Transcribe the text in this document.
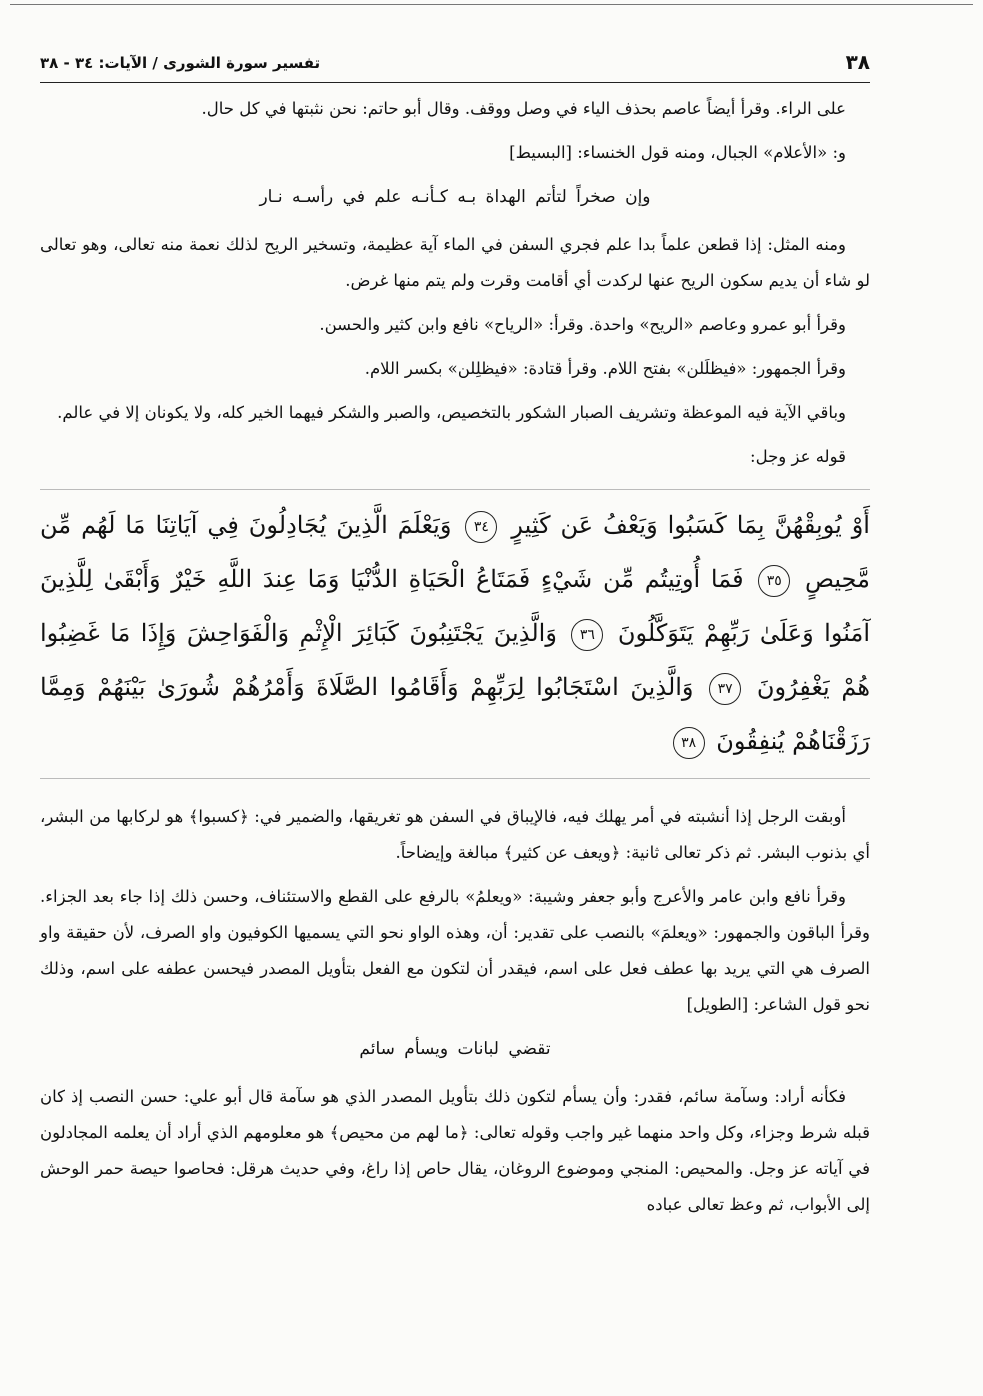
٣٨
تفسير سورة الشورى / الآيات: ٣٤ - ٣٨

على الراء. وقرأ أيضاً عاصم بحذف الياء في وصل ووقف. وقال أبو حاتم: نحن نثبتها في كل حال.

و: «الأعلام» الجبال، ومنه قول الخنساء: [البسيط]

وإن صخراً لتأتم الهداة بـه كـأنـه علم في رأسـه نـار

ومنه المثل: إذا قطعن علماً بدا علم فجري السفن في الماء آية عظيمة، وتسخير الريح لذلك نعمة منه تعالى، وهو تعالى لو شاء أن يديم سكون الريح عنها لركدت أي أقامت وقرت ولم يتم منها غرض.

وقرأ أبو عمرو وعاصم «الريح» واحدة. وقرأ: «الرياح» نافع وابن كثير والحسن.

وقرأ الجمهور: «فيظلَلن» بفتح اللام. وقرأ قتادة: «فيظلِلن» بكسر اللام.

وباقي الآية فيه الموعظة وتشريف الصبار الشكور بالتخصيص، والصبر والشكر فيهما الخير كله، ولا يكونان إلا في عالم.

قوله عز وجل:

أَوْ يُوبِقْهُنَّ بِمَا كَسَبُوا وَيَعْفُ عَن كَثِيرٍ ٣٤ وَيَعْلَمَ الَّذِينَ يُجَادِلُونَ فِي آيَاتِنَا مَا لَهُم مِّن مَّحِيصٍ ٣٥ فَمَا أُوتِيتُم مِّن شَيْءٍ فَمَتَاعُ الْحَيَاةِ الدُّنْيَا وَمَا عِندَ اللَّهِ خَيْرٌ وَأَبْقَىٰ لِلَّذِينَ آمَنُوا وَعَلَىٰ رَبِّهِمْ يَتَوَكَّلُونَ ٣٦ وَالَّذِينَ يَجْتَنِبُونَ كَبَائِرَ الْإِثْمِ وَالْفَوَاحِشَ وَإِذَا مَا غَضِبُوا هُمْ يَغْفِرُونَ ٣٧ وَالَّذِينَ اسْتَجَابُوا لِرَبِّهِمْ وَأَقَامُوا الصَّلَاةَ وَأَمْرُهُمْ شُورَىٰ بَيْنَهُمْ وَمِمَّا رَزَقْنَاهُمْ يُنفِقُونَ ٣٨

أوبقت الرجل إذا أنشبته في أمر يهلك فيه، فالإيباق في السفن هو تغريقها، والضمير في: ﴿كسبوا﴾ هو لركابها من البشر، أي بذنوب البشر. ثم ذكر تعالى ثانية: ﴿ويعف عن كثير﴾ مبالغة وإيضاحاً.

وقرأ نافع وابن عامر والأعرج وأبو جعفر وشيبة: «ويعلمُ» بالرفع على القطع والاستئناف، وحسن ذلك إذا جاء بعد الجزاء. وقرأ الباقون والجمهور: «ويعلمَ» بالنصب على تقدير: أن، وهذه الواو نحو التي يسميها الكوفيون واو الصرف، لأن حقيقة واو الصرف هي التي يريد بها عطف فعل على اسم، فيقدر أن لتكون مع الفعل بتأويل المصدر فيحسن عطفه على اسم، وذلك نحو قول الشاعر: [الطويل]

تقضي لبانات ويسأم سائم

فكأنه أراد: وسآمة سائم، فقدر: وأن يسأم لتكون ذلك بتأويل المصدر الذي هو سآمة قال أبو علي: حسن النصب إذ كان قبله شرط وجزاء، وكل واحد منهما غير واجب وقوله تعالى: ﴿ما لهم من محيص﴾ هو معلومهم الذي أراد أن يعلمه المجادلون في آياته عز وجل. والمحيص: المنجي وموضوع الروغان، يقال حاص إذا راغ، وفي حديث هرقل: فحاصوا حيصة حمر الوحش إلى الأبواب، ثم وعظ تعالى عباده
